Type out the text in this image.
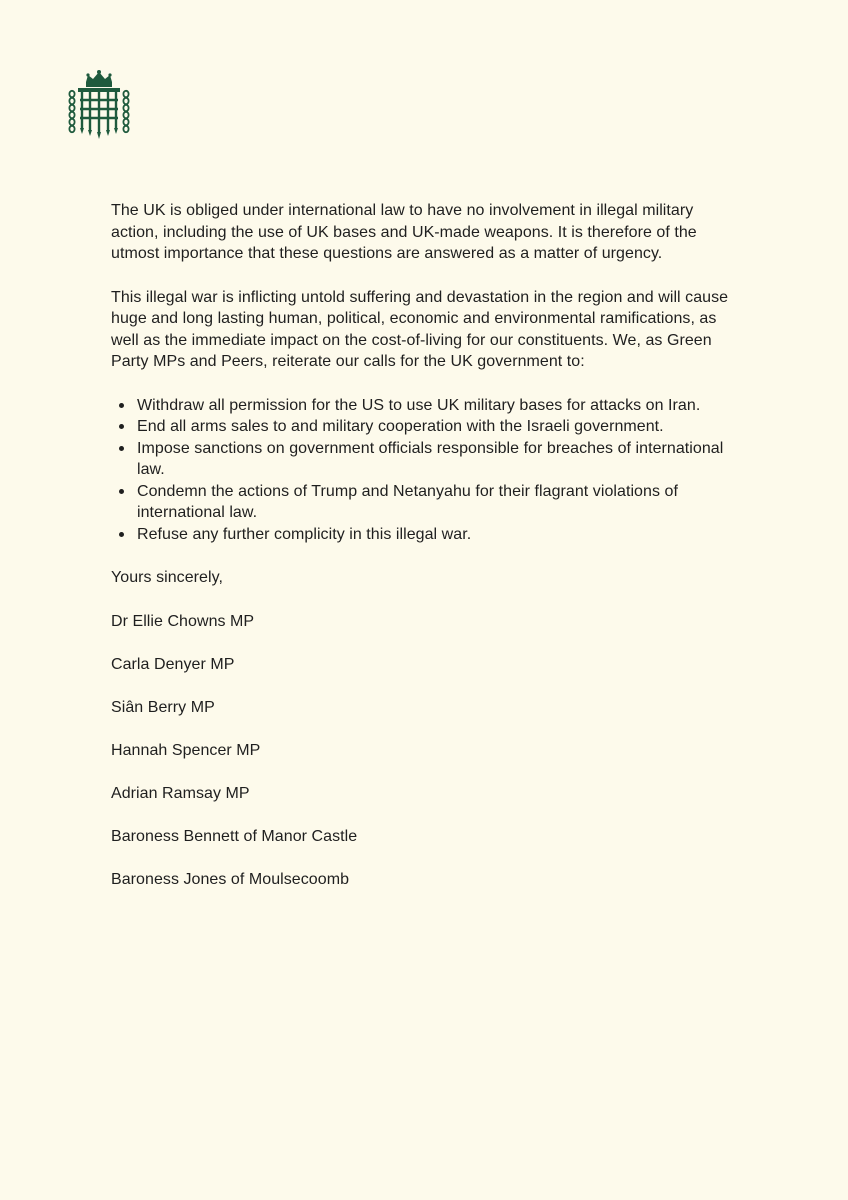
The UK is obliged under international law to have no involvement in illegal military action, including the use of UK bases and UK-made weapons. It is therefore of the utmost importance that these questions are answered as a matter of urgency.

This illegal war is inflicting untold suffering and devastation in the region and will cause huge and long lasting human, political, economic and environmental ramifications, as well as the immediate impact on the cost-of-living for our constituents. We, as Green Party MPs and Peers, reiterate our calls for the UK government to:

Withdraw all permission for the US to use UK military bases for attacks on Iran.
End all arms sales to and military cooperation with the Israeli government.
Impose sanctions on government officials responsible for breaches of international law.
Condemn the actions of Trump and Netanyahu for their flagrant violations of international law.
Refuse any further complicity in this illegal war.

Yours sincerely,

Dr Ellie Chowns MP

Carla Denyer MP

Siân Berry MP

Hannah Spencer MP

Adrian Ramsay MP

Baroness Bennett of Manor Castle

Baroness Jones of Moulsecoomb
